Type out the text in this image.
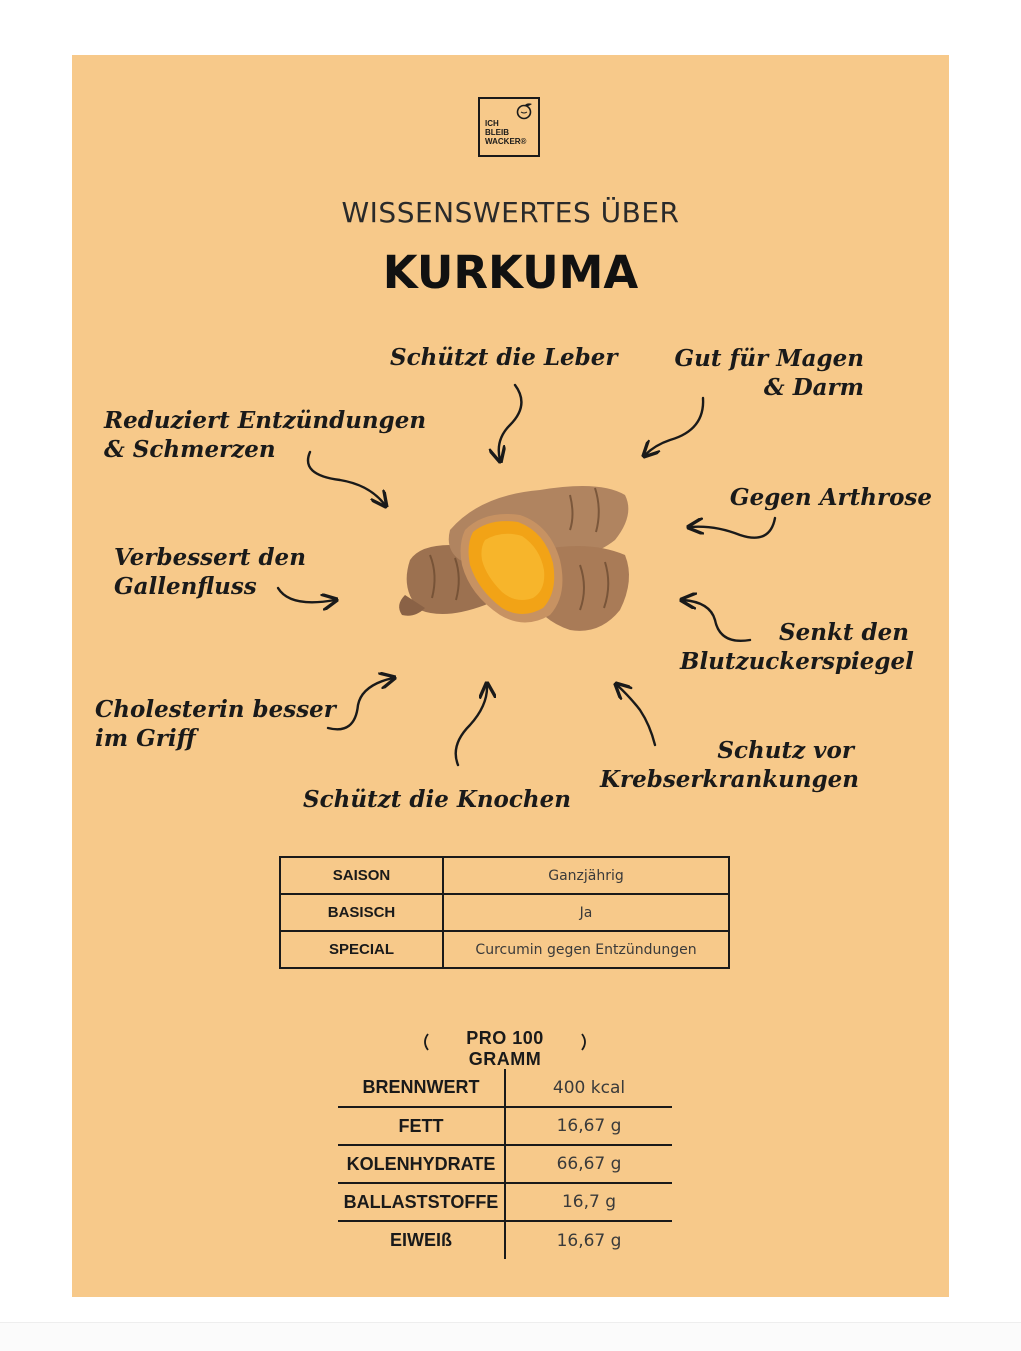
ICH
BLEIB
WACKER®
WISSENSWERTES ÜBER
KURKUMA
Schützt die Leber	Gut für Magen
& Darm
Reduziert Entzündungen
& Schmerzen
Gegen Arthrose
Verbessert den
Gallenfluss
Senkt den
Blutzuckerspiegel
Cholesterin besser
im Griff	Schutz vor
Krebserkrankungen
Schützt die Knochen
SAISON	Ganzjährig
BASISCH	Ja
SPECIAL	Curcumin gegen Entzündungen
PRO 100 GRAMM
BRENNWERT	400 kcal
FETT	16,67 g
KOLENHYDRATE	66,67 g
BALLASTSTOFFE	16,7 g
EIWEIß	16,67 g
